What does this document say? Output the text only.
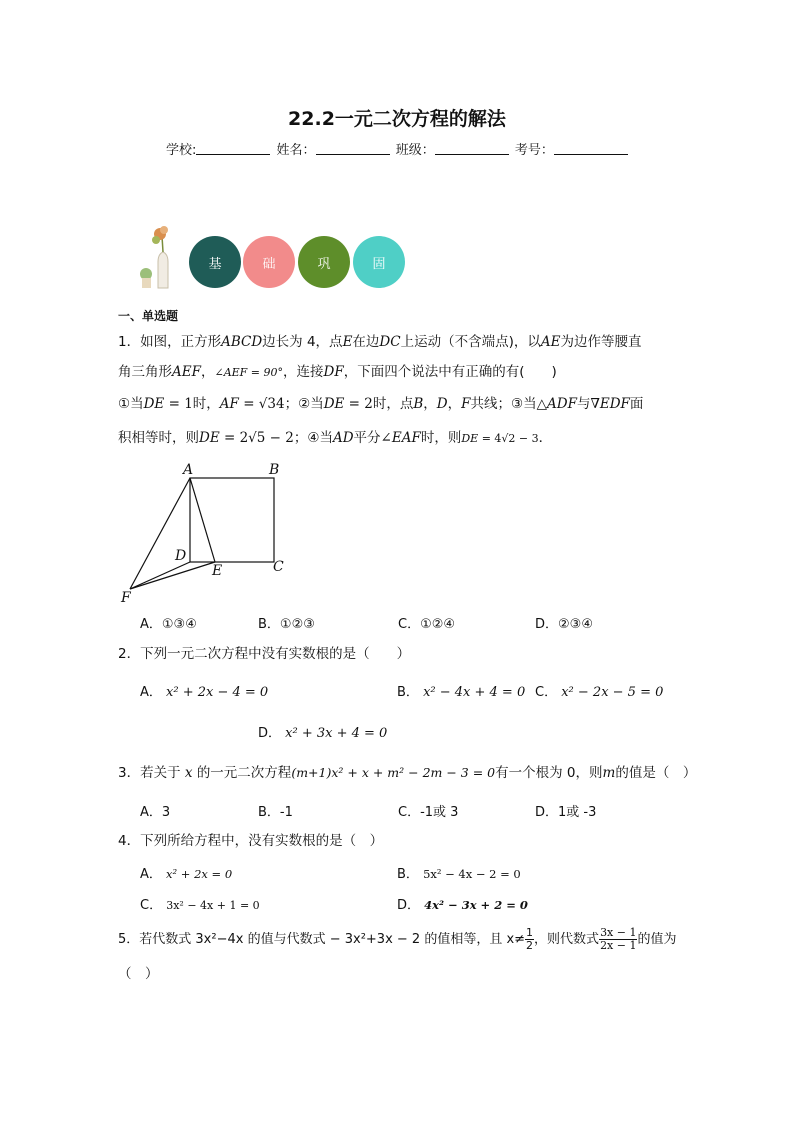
22.2一元二次方程的解法
学校:	姓名：	班级：	考号：
基	础	巩	固
一、单选题
1．如图，正方形ABCD边长为 4，点E在边DC上运动（不含端点)，以AE为边作等腰直
角三角形AEF，∠AEF = 90°，连接DF，下面四个说法中有正确的有(　　)
①当DE = 1时，AF = √34；②当DE = 2时，点B，D，F共线；③当△ADF与∇EDF面
积相等时，则DE = 2√5 − 2；④当AD平分∠EAF时，则DE = 4√2 − 3．
A	B
C
D
E
F
A．①③④	B．①②③	C．①②④	D．②③④
2．下列一元二次方程中没有实数根的是（　　）
A． x² + 2x − 4 = 0	B． x² − 4x + 4 = 0 C． x² − 2x − 5 = 0
D． x² + 3x + 4 = 0
3．若关于 x 的一元二次方程(m+1)x² + x + m² − 2m − 3 = 0有一个根为 0，则m的值是（　）
A．3	B．-1	C．-1或 3	D．1或 -3
4．下列所给方程中，没有实数根的是（　）
A． x² + 2x = 0	B． 5x² − 4x − 2 = 0
C． 3x² − 4x + 1 = 0	D． 4x² − 3x + 2 = 0
5．若代数式 3x²−4x 的值与代数式 − 3x²+3x − 2 的值相等，且 $x\ne \frac{1}{2}$ ，则代数式 $\frac{3x - 1}{2x - 1}$ 的值为
（　）
